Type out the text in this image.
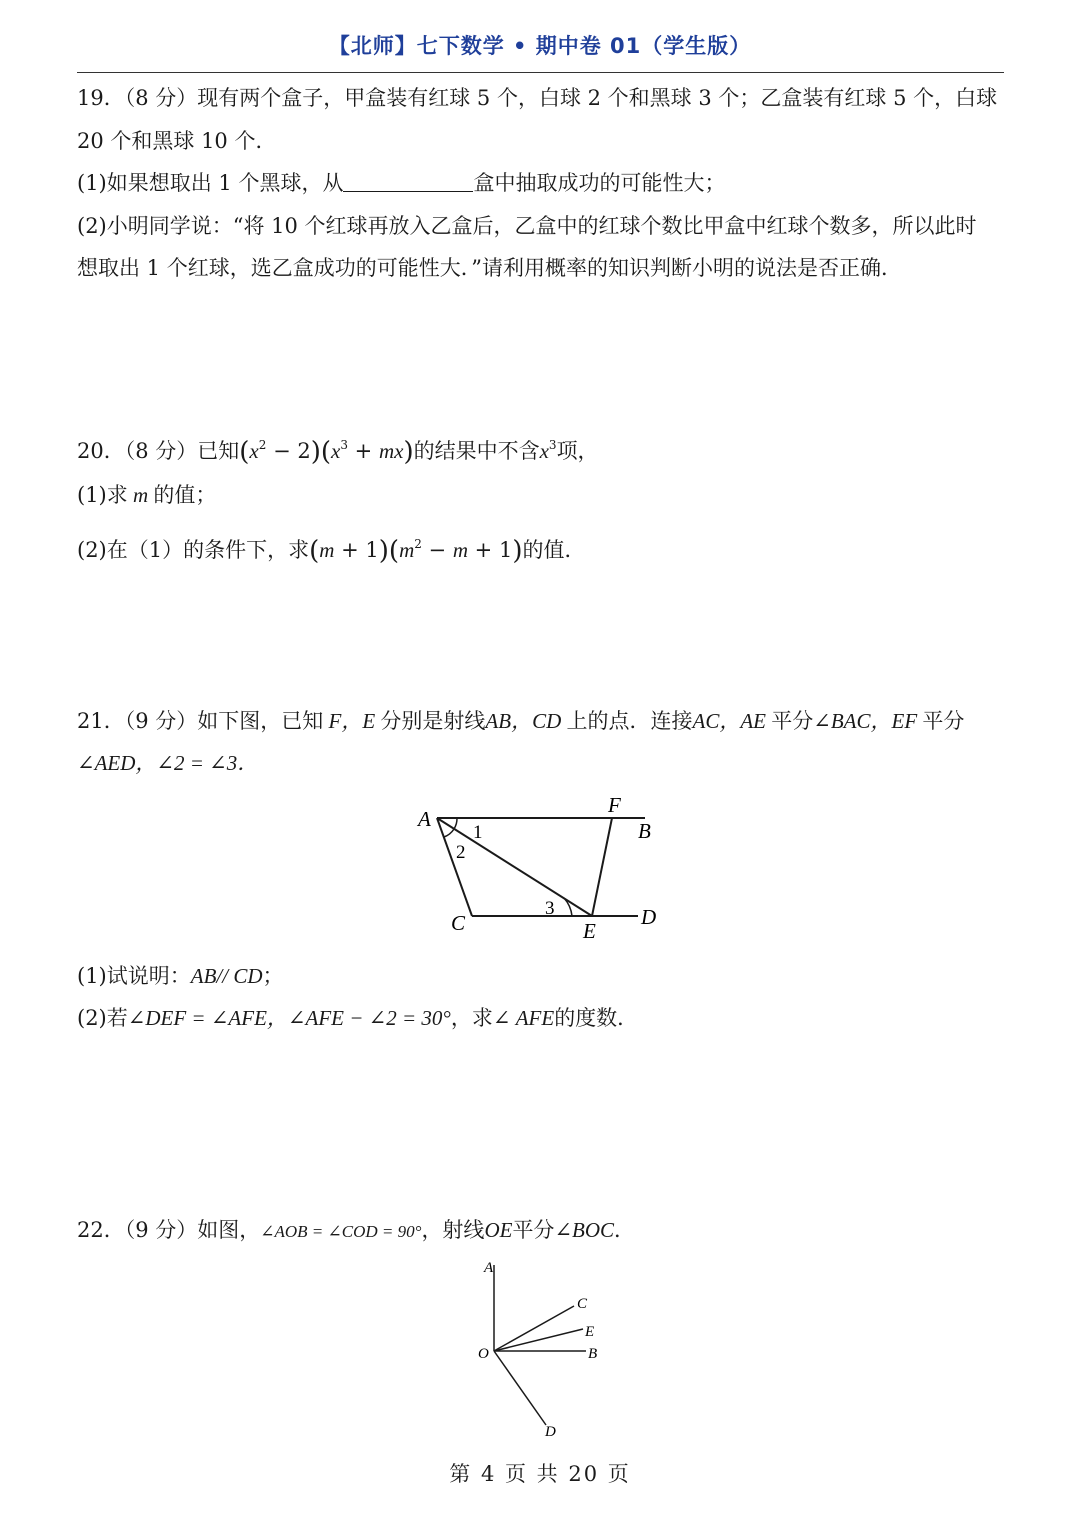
【北师】七下数学 • 期中卷 01（学生版）
19．（8 分）现有两个盒子，甲盒装有红球 5 个，白球 2 个和黑球 3 个；乙盒装有红球 5 个，白球
20 个和黑球 10 个．
(1)如果想取出 1 个黑球，从	盒中抽取成功的可能性大；
(2)小明同学说：“将 10 个红球再放入乙盒后，乙盒中的红球个数比甲盒中红球个数多，所以此时
想取出 1 个红球，选乙盒成功的可能性大．”请利用概率的知识判断小明的说法是否正确．
20．（8 分）已知$(x^2 - 2)(x^3 + mx)$的结果中不含$x^3$项，
(1)求 m 的值；
(2)在（1）的条件下，求$(m + 1)(m^2 - m + 1)$的值．
21．（9 分）如下图，已知 F，E 分别是射线AB，CD 上的点．连接AC，AE 平分∠BAC，EF 平分
∠AED，∠2 = ∠3．
A
F
B
C	E
D
1
2
3
(1)试说明：AB// CD；
(2)若∠DEF = ∠AFE，∠AFE − ∠2 = 30°，求∠ AFE的度数．
22．（9 分）如图，∠AOB = ∠COD = 90°，射线OE平分∠BOC．
A
C
E
O	B
D
第 4 页 共 20 页
